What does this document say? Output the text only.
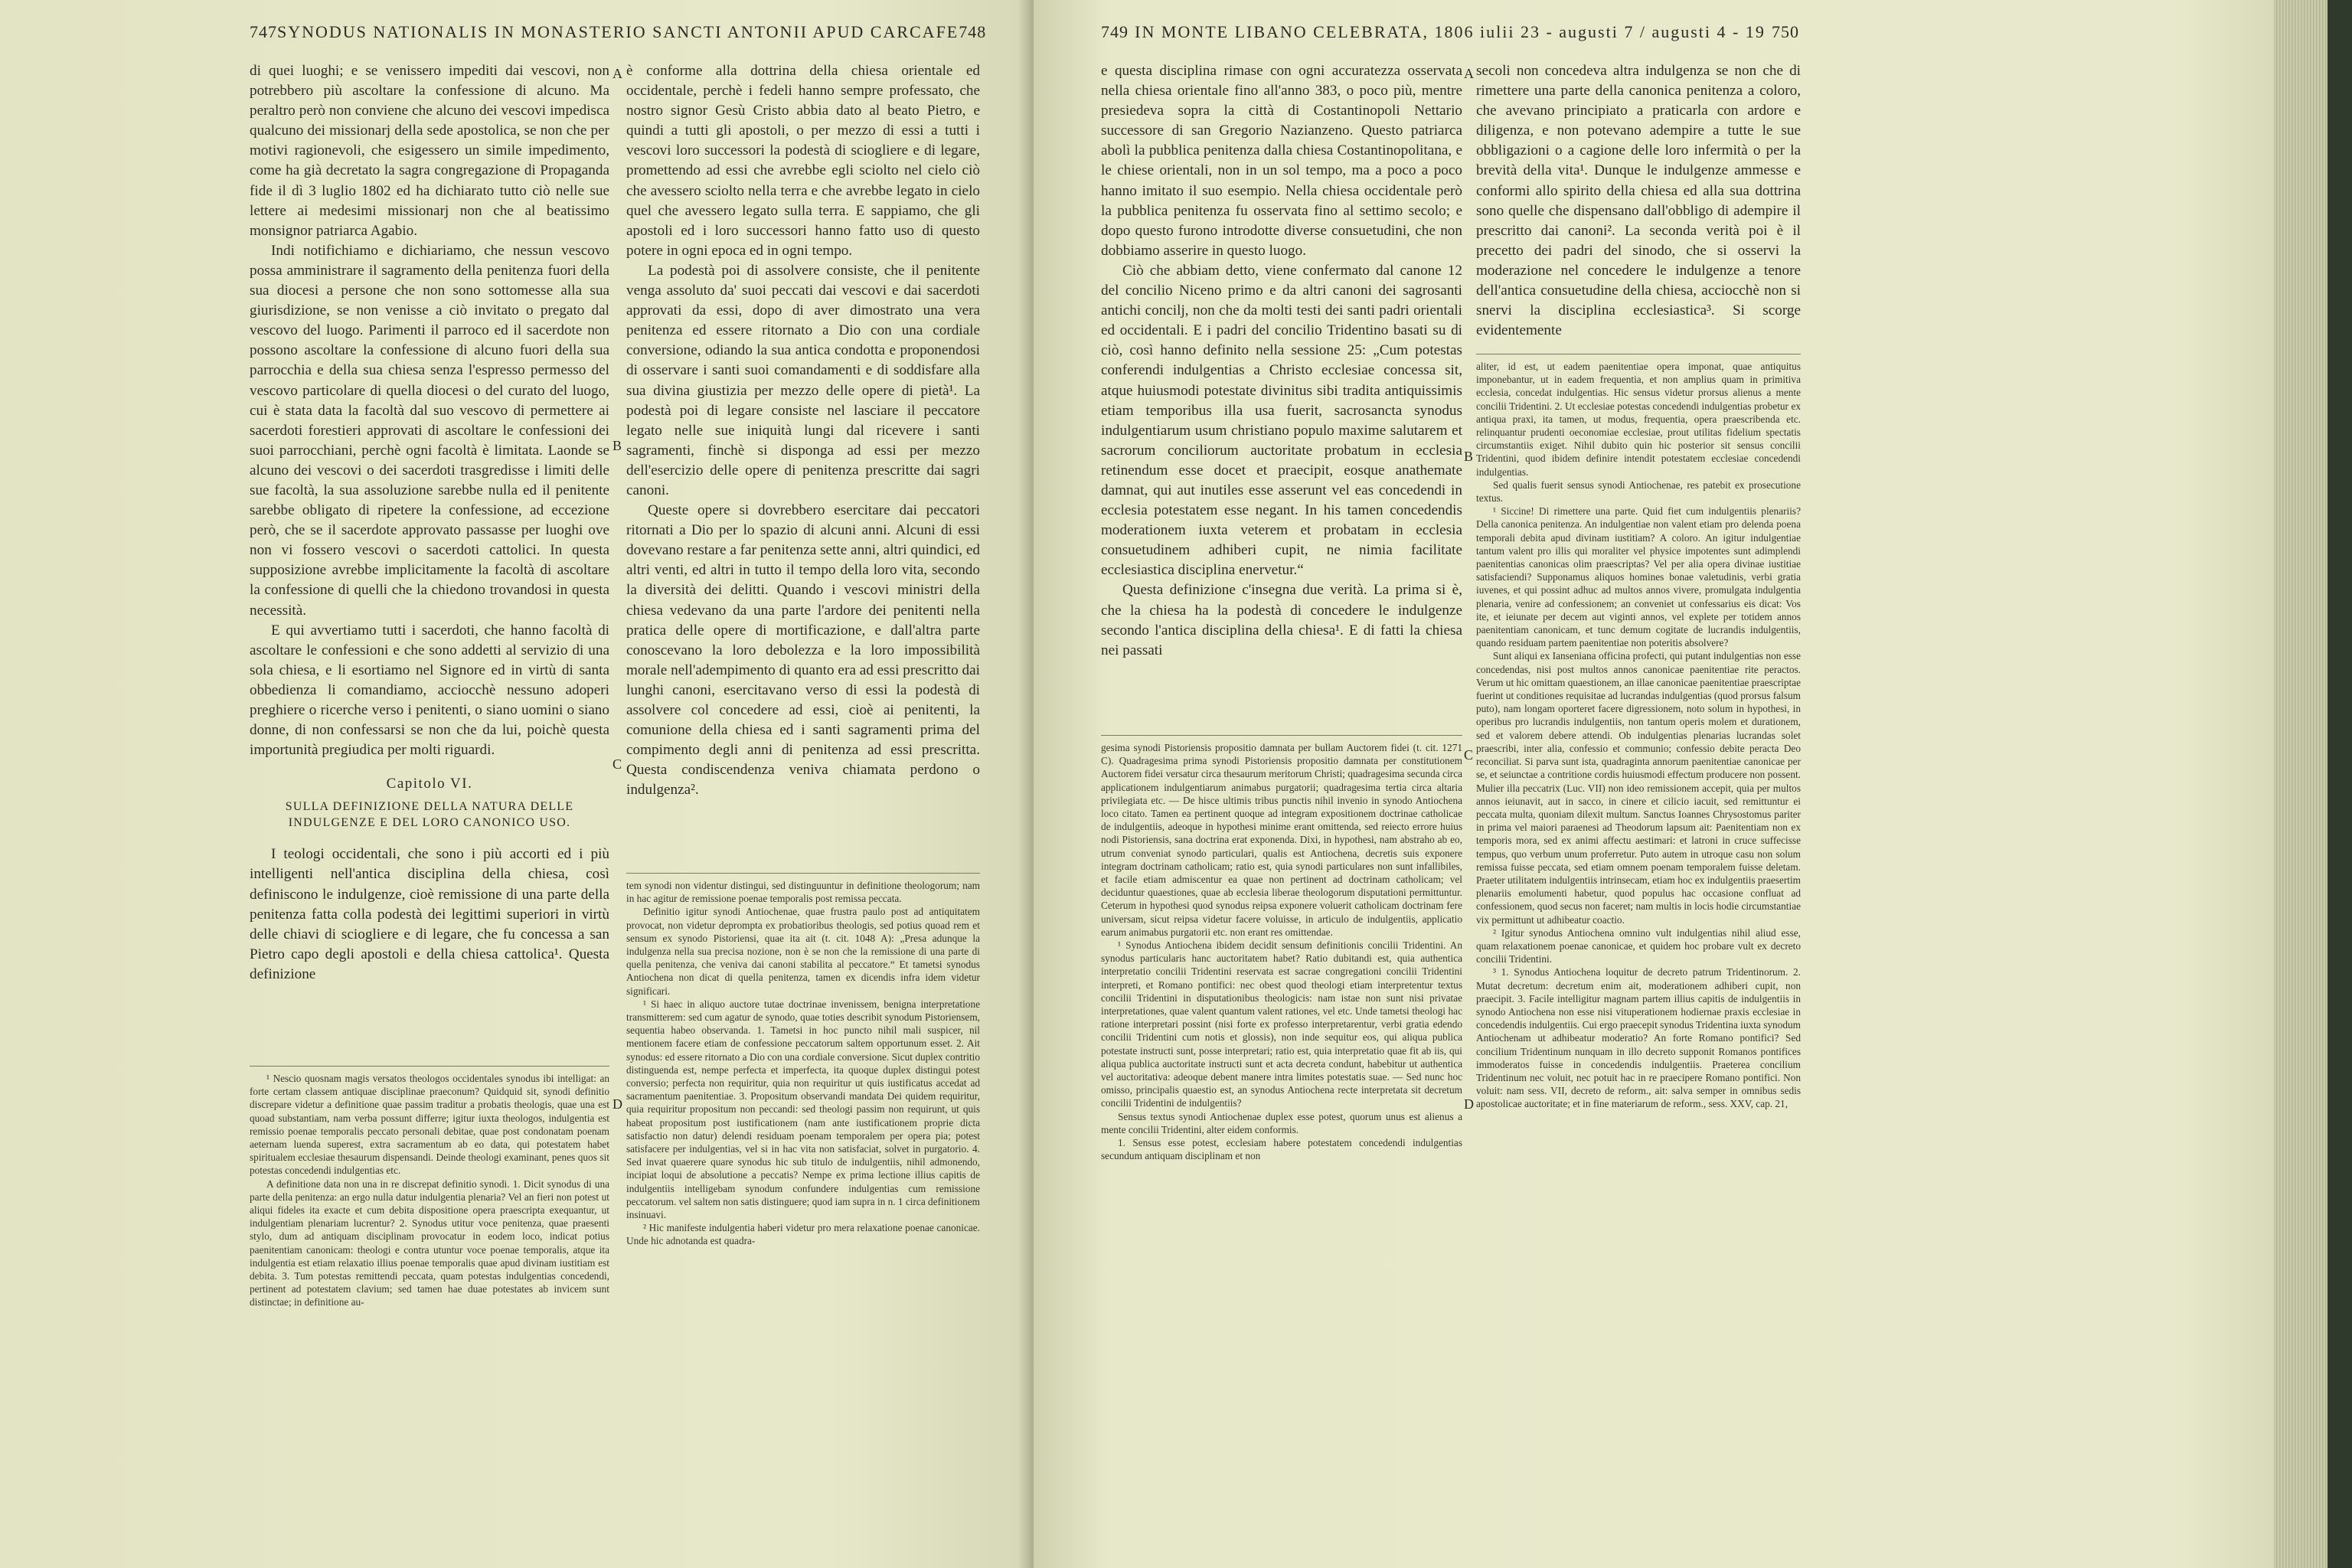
747 SYNODUS NATIONALIS IN MONASTERIO SANCTI ANTONII APUD CARCAFE 748

di quei luoghi; e se venissero impediti dai vescovi, non potrebbero più ascoltare la confessione di alcuno. Ma peraltro però non conviene che alcuno dei vescovi impedisca qualcuno dei missionarj della sede apostolica, se non che per motivi ragionevoli, che esigessero un simile impedimento, come ha già decretato la sagra congregazione di Propaganda fide il dì 3 luglio 1802 ed ha dichiarato tutto ciò nelle sue lettere ai medesimi missionarj non che al beatissimo monsignor patriarca Agabio.

Indi notifichiamo e dichiariamo, che nessun vescovo possa amministrare il sagramento della penitenza fuori della sua diocesi a persone che non sono sottomesse alla sua giurisdizione, se non venisse a ciò invitato o pregato dal vescovo del luogo. Parimenti il parroco ed il sacerdote non possono ascoltare la confessione di alcuno fuori della sua parrocchia e della sua chiesa senza l'espresso permesso del vescovo particolare di quella diocesi o del curato del luogo, cui è stata data la facoltà dal suo vescovo di permettere ai sacerdoti forestieri approvati di ascoltare le confessioni dei suoi parrocchiani, perchè ogni facoltà è limitata. Laonde se alcuno dei vescovi o dei sacerdoti trasgredisse i limiti delle sue facoltà, la sua assoluzione sarebbe nulla ed il penitente sarebbe obligato di ripetere la confessione, ad eccezione però, che se il sacerdote approvato passasse per luoghi ove non vi fossero vescovi o sacerdoti cattolici. In questa supposizione avrebbe implicitamente la facoltà di ascoltare la confessione di quelli che la chiedono trovandosi in questa necessità.

E qui avvertiamo tutti i sacerdoti, che hanno facoltà di ascoltare le confessioni e che sono addetti al servizio di una sola chiesa, e li esortiamo nel Signore ed in virtù di santa obbedienza li comandiamo, acciocchè nessuno adoperi preghiere o ricerche verso i penitenti, o siano uomini o siano donne, di non confessarsi se non che da lui, poichè questa importunità pregiudica per molti riguardi.

Capitolo VI.
SULLA DEFINIZIONE DELLA NATURA DELLE INDULGENZE E DEL LORO CANONICO USO.

I teologi occidentali, che sono i più accorti ed i più intelligenti nell'antica disciplina della chiesa, così definiscono le indulgenze, cioè remissione di una parte della penitenza fatta colla podestà dei legittimi superiori in virtù delle chiavi di sciogliere e di legare, che fu concessa a san Pietro capo degli apostoli e della chiesa cattolica¹. Questa definizione

¹ Nescio quosnam magis versatos theologos occidentales synodus ibi intelligat: an forte certam classem antiquae disciplinae praeconum? Quidquid sit, synodi definitio discrepare videtur a definitione quae passim traditur a probatis theologis, quae una est quoad substantiam, nam verba possunt differre; igitur iuxta theologos, indulgentia est remissio poenae temporalis peccato personali debitae, quae post condonatam poenam aeternam luenda superest, extra sacramentum ab eo data, qui potestatem habet spiritualem ecclesiae thesaurum dispensandi. Deinde theologi examinant, penes quos sit potestas concedendi indulgentias etc.

A definitione data non una in re discrepat definitio synodi. 1. Dicit synodus di una parte della penitenza: an ergo nulla datur indulgentia plenaria? Vel an fieri non potest ut aliqui fideles ita exacte et cum debita dispositione opera praescripta exequantur, ut indulgentiam plenariam lucrentur? 2. Synodus utitur voce penitenza, quae praesenti stylo, dum ad antiquam disciplinam provocatur in eodem loco, indicat potius paenitentiam canonicam: theologi e contra utuntur voce poenae temporalis, atque ita indulgentia est etiam relaxatio illius poenae temporalis quae apud divinam iustitiam est debita. 3. Tum potestas remittendi peccata, quam potestas indulgentias concedendi, pertinent ad potestatem clavium; sed tamen hae duae potestates ab invicem sunt distinctae; in definitione au-

è conforme alla dottrina della chiesa orientale ed occidentale, perchè i fedeli hanno sempre professato, che nostro signor Gesù Cristo abbia dato al beato Pietro, e quindi a tutti gli apostoli, o per mezzo di essi a tutti i vescovi loro successori la podestà di sciogliere e di legare, promettendo ad essi che avrebbe egli sciolto nel cielo ciò che avessero sciolto nella terra e che avrebbe legato in cielo quel che avessero legato sulla terra. E sappiamo, che gli apostoli ed i loro successori hanno fatto uso di questo potere in ogni epoca ed in ogni tempo.

La podestà poi di assolvere consiste, che il penitente venga assoluto da' suoi peccati dai vescovi e dai sacerdoti approvati da essi, dopo di aver dimostrato una vera penitenza ed essere ritornato a Dio con una cordiale conversione, odiando la sua antica condotta e proponendosi di osservare i santi suoi comandamenti e di soddisfare alla sua divina giustizia per mezzo delle opere di pietà¹. La podestà poi di legare consiste nel lasciare il peccatore legato nelle sue iniquità lungi dal ricevere i santi sagramenti, finchè si disponga ad essi per mezzo dell'esercizio delle opere di penitenza prescritte dai sagri canoni.

Queste opere si dovrebbero esercitare dai peccatori ritornati a Dio per lo spazio di alcuni anni. Alcuni di essi dovevano restare a far penitenza sette anni, altri quindici, ed altri venti, ed altri in tutto il tempo della loro vita, secondo la diversità dei delitti. Quando i vescovi ministri della chiesa vedevano da una parte l'ardore dei penitenti nella pratica delle opere di mortificazione, e dall'altra parte conoscevano la loro debolezza e la loro impossibilità morale nell'adempimento di quanto era ad essi prescritto dai lunghi canoni, esercitavano verso di essi la podestà di assolvere col concedere ad essi, cioè ai penitenti, la comunione della chiesa ed i santi sagramenti prima del compimento degli anni di penitenza ad essi prescritta. Questa condiscendenza veniva chiamata perdono o indulgenza².

tem synodi non videntur distingui, sed distinguuntur in definitione theologorum; nam in hac agitur de remissione poenae temporalis post remissa peccata.

Definitio igitur synodi Antiochenae, quae frustra paulo post ad antiquitatem provocat, non videtur deprompta ex probatioribus theologis, sed potius quoad rem et sensum ex synodo Pistoriensi, quae ita ait (t. cit. 1048 A): „Presa adunque la indulgenza nella sua precisa nozione, non è se non che la remissione di una parte di quella penitenza, che veniva dai canoni stabilita al peccatore.“ Et tametsi synodus Antiochena non dicat di quella penitenza, tamen ex dicendis infra idem videtur significari.

¹ Si haec in aliquo auctore tutae doctrinae invenissem, benigna interpretatione transmitterem: sed cum agatur de synodo, quae toties describit synodum Pistoriensem, sequentia habeo observanda. 1. Tametsi in hoc puncto nihil mali suspicer, nil mentionem facere etiam de confessione peccatorum saltem opportunum esset. 2. Ait synodus: ed essere ritornato a Dio con una cordiale conversione. Sicut duplex contritio distinguenda est, nempe perfecta et imperfecta, ita quoque duplex distingui potest conversio; perfecta non requiritur, quia non requiritur ut quis iustificatus accedat ad sacramentum paenitentiae. 3. Propositum observandi mandata Dei quidem requiritur, quia requiritur propositum non peccandi: sed theologi passim non requirunt, ut quis habeat propositum post iustificationem (nam ante iustificationem proprie dicta satisfactio non datur) delendi residuam poenam temporalem per opera pia; potest satisfacere per indulgentias, vel si in hac vita non satisfaciat, solvet in purgatorio. 4. Sed invat quaerere quare synodus hic sub titulo de indulgentiis, nihil admonendo, incipiat loqui de absolutione a peccatis? Nempe ex prima lectione illius capitis de indulgentiis intelligebam synodum confundere indulgentias cum remissione peccatorum. vel saltem non satis distinguere; quod iam supra in n. 1 circa definitionem insinuavi.

² Hic manifeste indulgentia haberi videtur pro mera relaxatione poenae canonicae. Unde hic adnotanda est quadra-

A
B
C
D
749 IN MONTE LIBANO CELEBRATA, 1806 iulii 23 - augusti 7 / augusti 4 - 19 750

e questa disciplina rimase con ogni accuratezza osservata nella chiesa orientale fino all'anno 383, o poco più, mentre presiedeva sopra la città di Costantinopoli Nettario successore di san Gregorio Nazianzeno. Questo patriarca abolì la pubblica penitenza dalla chiesa Costantinopolitana, e le chiese orientali, non in un sol tempo, ma a poco a poco hanno imitato il suo esempio. Nella chiesa occidentale però la pubblica penitenza fu osservata fino al settimo secolo; e dopo questo furono introdotte diverse consuetudini, che non dobbiamo asserire in questo luogo.

Ciò che abbiam detto, viene confermato dal canone 12 del concilio Niceno primo e da altri canoni dei sagrosanti antichi concilj, non che da molti testi dei santi padri orientali ed occidentali. E i padri del concilio Tridentino basati su di ciò, così hanno definito nella sessione 25: „Cum potestas conferendi indulgentias a Christo ecclesiae concessa sit, atque huiusmodi potestate divinitus sibi tradita antiquissimis etiam temporibus illa usa fuerit, sacrosancta synodus indulgentiarum usum christiano populo maxime salutarem et sacrorum conciliorum auctoritate probatum in ecclesia retinendum esse docet et praecipit, eosque anathemate damnat, qui aut inutiles esse asserunt vel eas concedendi in ecclesia potestatem esse negant. In his tamen concedendis moderationem iuxta veterem et probatam in ecclesia consuetudinem adhiberi cupit, ne nimia facilitate ecclesiastica disciplina enervetur.“

Questa definizione c'insegna due verità. La prima si è, che la chiesa ha la podestà di concedere le indulgenze secondo l'antica disciplina della chiesa¹. E di fatti la chiesa nei passati

gesima synodi Pistoriensis propositio damnata per bullam Auctorem fidei (t. cit. 1271 C). Quadragesima prima synodi Pistoriensis propositio damnata per constitutionem Auctorem fidei versatur circa thesaurum meritorum Christi; quadragesima secunda circa applicationem indulgentiarum animabus purgatorii; quadragesima tertia circa altaria privilegiata etc. — De hisce ultimis tribus punctis nihil invenio in synodo Antiochena loco citato. Tamen ea pertinent quoque ad integram expositionem doctrinae catholicae de indulgentiis, adeoque in hypothesi minime erant omittenda, sed reiecto errore huius nodi Pistoriensis, sana doctrina erat exponenda. Dixi, in hypothesi, nam abstraho ab eo, utrum conveniat synodo particulari, qualis est Antiochena, decretis suis exponere integram doctrinam catholicam; ratio est, quia synodi particulares non sunt infallibiles, et facile etiam admiscentur ea quae non pertinent ad doctrinam catholicam; vel deciduntur quaestiones, quae ab ecclesia liberae theologorum disputationi permittuntur. Ceterum in hypothesi quod synodus reipsa exponere voluerit catholicam doctrinam fere universam, sicut reipsa videtur facere voluisse, in articulo de indulgentiis, applicatio earum animabus purgatorii etc. non erant res omittendae.

¹ Synodus Antiochena ibidem decidit sensum definitionis concilii Tridentini. An synodus particularis hanc auctoritatem habet? Ratio dubitandi est, quia authentica interpretatio concilii Tridentini reservata est sacrae congregationi concilii Tridentini interpreti, et Romano pontifici: nec obest quod theologi etiam interpretentur textus concilii Tridentini in disputationibus theologicis: nam istae non sunt nisi privatae interpretationes, quae valent quantum valent rationes, vel etc. Unde tametsi theologi hac ratione interpretari possint (nisi forte ex professo interpretarentur, verbi gratia edendo concilii Tridentini cum notis et glossis), non inde sequitur eos, qui aliqua publica potestate instructi sunt, posse interpretari; ratio est, quia interpretatio quae fit ab iis, qui aliqua publica auctoritate instructi sunt et acta decreta condunt, habebitur ut authentica vel auctoritativa: adeoque debent manere intra limites potestatis suae. — Sed nunc hoc omisso, principalis quaestio est, an synodus Antiochena recte interpretata sit decretum concilii Tridentini de indulgentiis?

Sensus textus synodi Antiochenae duplex esse potest, quorum unus est alienus a mente concilii Tridentini, alter eidem conformis.

1. Sensus esse potest, ecclesiam habere potestatem concedendi indulgentias secundum antiquam disciplinam et non

secoli non concedeva altra indulgenza se non che di rimettere una parte della canonica penitenza a coloro, che avevano principiato a praticarla con ardore e diligenza, e non potevano adempire a tutte le sue obbligazioni o a cagione delle loro infermità o per la brevità della vita¹. Dunque le indulgenze ammesse e conformi allo spirito della chiesa ed alla sua dottrina sono quelle che dispensano dall'obbligo di adempire il prescritto dai canoni². La seconda verità poi è il precetto dei padri del sinodo, che si osservi la moderazione nel concedere le indulgenze a tenore dell'antica consuetudine della chiesa, acciocchè non si snervi la disciplina ecclesiastica³. Si scorge evidentemente

aliter, id est, ut eadem paenitentiae opera imponat, quae antiquitus imponebantur, ut in eadem frequentia, et non amplius quam in primitiva ecclesia, concedat indulgentias. Hic sensus videtur prorsus alienus a mente concilii Tridentini. 2. Ut ecclesiae potestas concedendi indulgentias probetur ex antiqua praxi, ita tamen, ut modus, frequentia, opera praescribenda etc. relinquantur prudenti oeconomiae ecclesiae, prout utilitas fidelium spectatis circumstantiis exiget. Nihil dubito quin hic posterior sit sensus concilii Tridentini, quod ibidem definire intendit potestatem ecclesiae concedendi indulgentias.

Sed qualis fuerit sensus synodi Antiochenae, res patebit ex prosecutione textus.

¹ Siccine! Di rimettere una parte. Quid fiet cum indulgentiis plenariis? Della canonica penitenza. An indulgentiae non valent etiam pro delenda poena temporali debita apud divinam iustitiam? A coloro. An igitur indulgentiae tantum valent pro illis qui moraliter vel physice impotentes sunt adimplendi paenitentias canonicas olim praescriptas? Vel per alia opera divinae iustitiae satisfaciendi? Supponamus aliquos homines bonae valetudinis, verbi gratia iuvenes, et qui possint adhuc ad multos annos vivere, promulgata indulgentia plenaria, venire ad confessionem; an conveniet ut confessarius eis dicat: Vos ite, et ieiunate per decem aut viginti annos, vel explete per totidem annos paenitentiam canonicam, et tunc demum cogitate de lucrandis indulgentiis, quando residuam partem paenitentiae non poteritis absolvere?

Sunt aliqui ex Ianseniana officina profecti, qui putant indulgentias non esse concedendas, nisi post multos annos canonicae paenitentiae rite peractos. Verum ut hic omittam quaestionem, an illae canonicae paenitentiae praescriptae fuerint ut conditiones requisitae ad lucrandas indulgentias (quod prorsus falsum puto), nam longam oporteret facere digressionem, noto solum in hypothesi, in operibus pro lucrandis indulgentiis, non tantum operis molem et durationem, sed et valorem debere attendi. Ob indulgentias plenarias lucrandas solet praescribi, inter alia, confessio et communio; confessio debite peracta Deo reconciliat. Si parva sunt ista, quadraginta annorum paenitentiae canonicae per se, et seiunctae a contritione cordis huiusmodi effectum producere non possent. Mulier illa peccatrix (Luc. VII) non ideo remissionem accepit, quia per multos annos ieiunavit, aut in sacco, in cinere et cilicio iacuit, sed remittuntur ei peccata multa, quoniam dilexit multum. Sanctus Ioannes Chrysostomus pariter in prima vel maiori paraenesi ad Theodorum lapsum ait: Paenitentiam non ex temporis mora, sed ex animi affectu aestimari: et latroni in cruce suffecisse tempus, quo verbum unum proferretur. Puto autem in utroque casu non solum remissa fuisse peccata, sed etiam omnem poenam temporalem fuisse deletam. Praeter utilitatem indulgentiis intrinsecam, etiam hoc ex indulgentiis praesertim plenariis emolumenti habetur, quod populus hac occasione confluat ad confessionem, quod secus non faceret; nam multis in locis hodie circumstantiae vix permittunt ut adhibeatur coactio.

² Igitur synodus Antiochena omnino vult indulgentias nihil aliud esse, quam relaxationem poenae canonicae, et quidem hoc probare vult ex decreto concilii Tridentini.

³ 1. Synodus Antiochena loquitur de decreto patrum Tridentinorum. 2. Mutat decretum: decretum enim ait, moderationem adhiberi cupit, non praecipit. 3. Facile intelligitur magnam partem illius capitis de indulgentiis in synodo Antiochena non esse nisi vituperationem hodiernae praxis ecclesiae in concedendis indulgentiis. Cui ergo praecepit synodus Tridentina iuxta synodum Antiochenam ut adhibeatur moderatio? An forte Romano pontifici? Sed concilium Tridentinum nunquam in illo decreto supponit Romanos pontifices immoderatos fuisse in concedendis indulgentiis. Praeterea concilium Tridentinum nec voluit, nec potuit hac in re praecipere Romano pontifici. Non voluit: nam sess. VII, decreto de reform., ait: salva semper in omnibus sedis apostolicae auctoritate; et in fine materiarum de reform., sess. XXV, cap. 21,

A
B
C
D
